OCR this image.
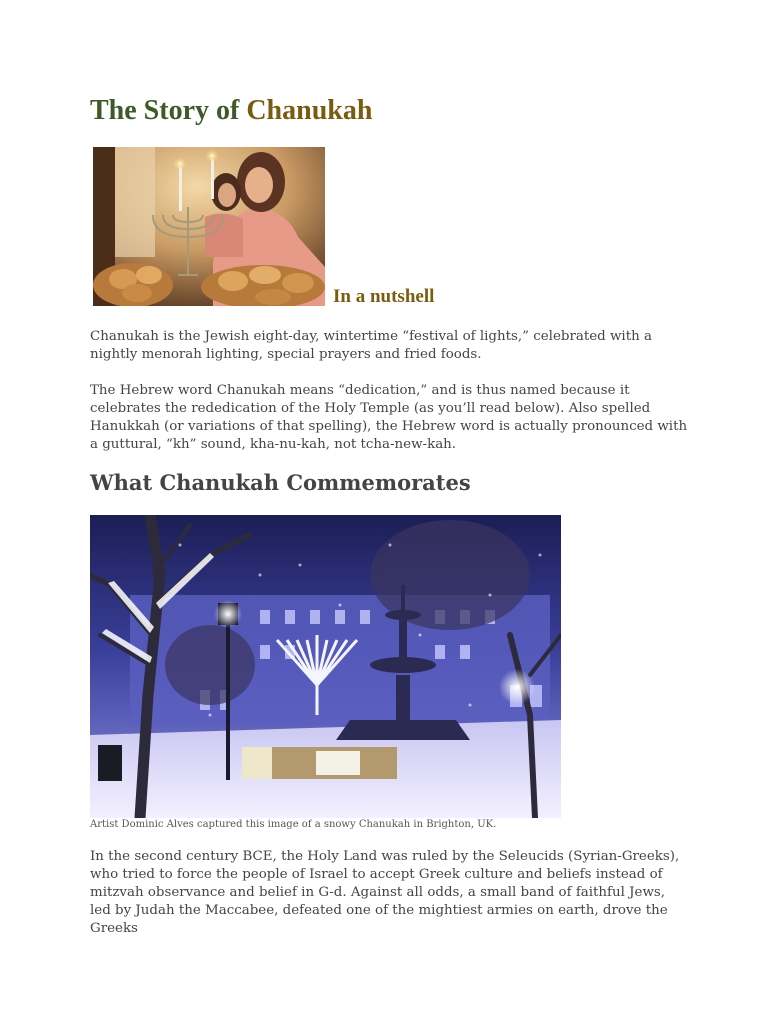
The Story of Chanukah
In a nutshell

Chanukah is the Jewish eight-day, wintertime “festival of lights,” celebrated with a nightly menorah lighting, special prayers and fried foods.

The Hebrew word Chanukah means “dedication,” and is thus named because it celebrates the rededication of the Holy Temple (as you’ll read below). Also spelled Hanukkah (or variations of that spelling), the Hebrew word is actually pronounced with a guttural, “kh” sound, kha-nu-kah, not tcha-new-kah.

What Chanukah Commemorates

Artist Dominic Alves captured this image of a snowy Chanukah in Brighton, UK.

In the second century BCE, the Holy Land was ruled by the Seleucids (Syrian-Greeks), who tried to force the people of Israel to accept Greek culture and beliefs instead of mitzvah observance and belief in G-d. Against all odds, a small band of faithful Jews, led by Judah the Maccabee, defeated one of the mightiest armies on earth, drove the Greeks
